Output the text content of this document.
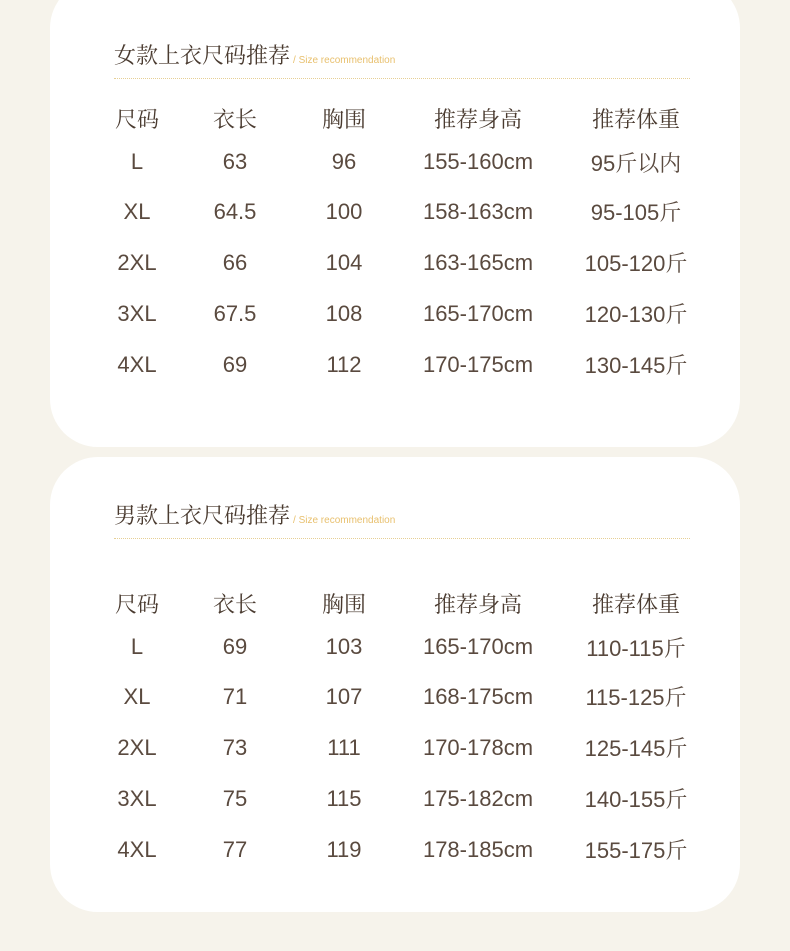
女款上衣尺码推荐 / Size recommendation
尺码	衣长	胸围	推荐身高	推荐体重
L	63	96	155-160cm	95斤以内
XL	64.5	100	158-163cm	95-105斤
2XL	66	104	163-165cm	105-120斤
3XL	67.5	108	165-170cm	120-130斤
4XL	69	112	170-175cm	130-145斤
男款上衣尺码推荐 / Size recommendation
尺码	衣长	胸围	推荐身高	推荐体重
L	69	103	165-170cm	110-115斤
XL	71	107	168-175cm	115-125斤
2XL	73	111	170-178cm	125-145斤
3XL	75	115	175-182cm	140-155斤
4XL	77	119	178-185cm	155-175斤
